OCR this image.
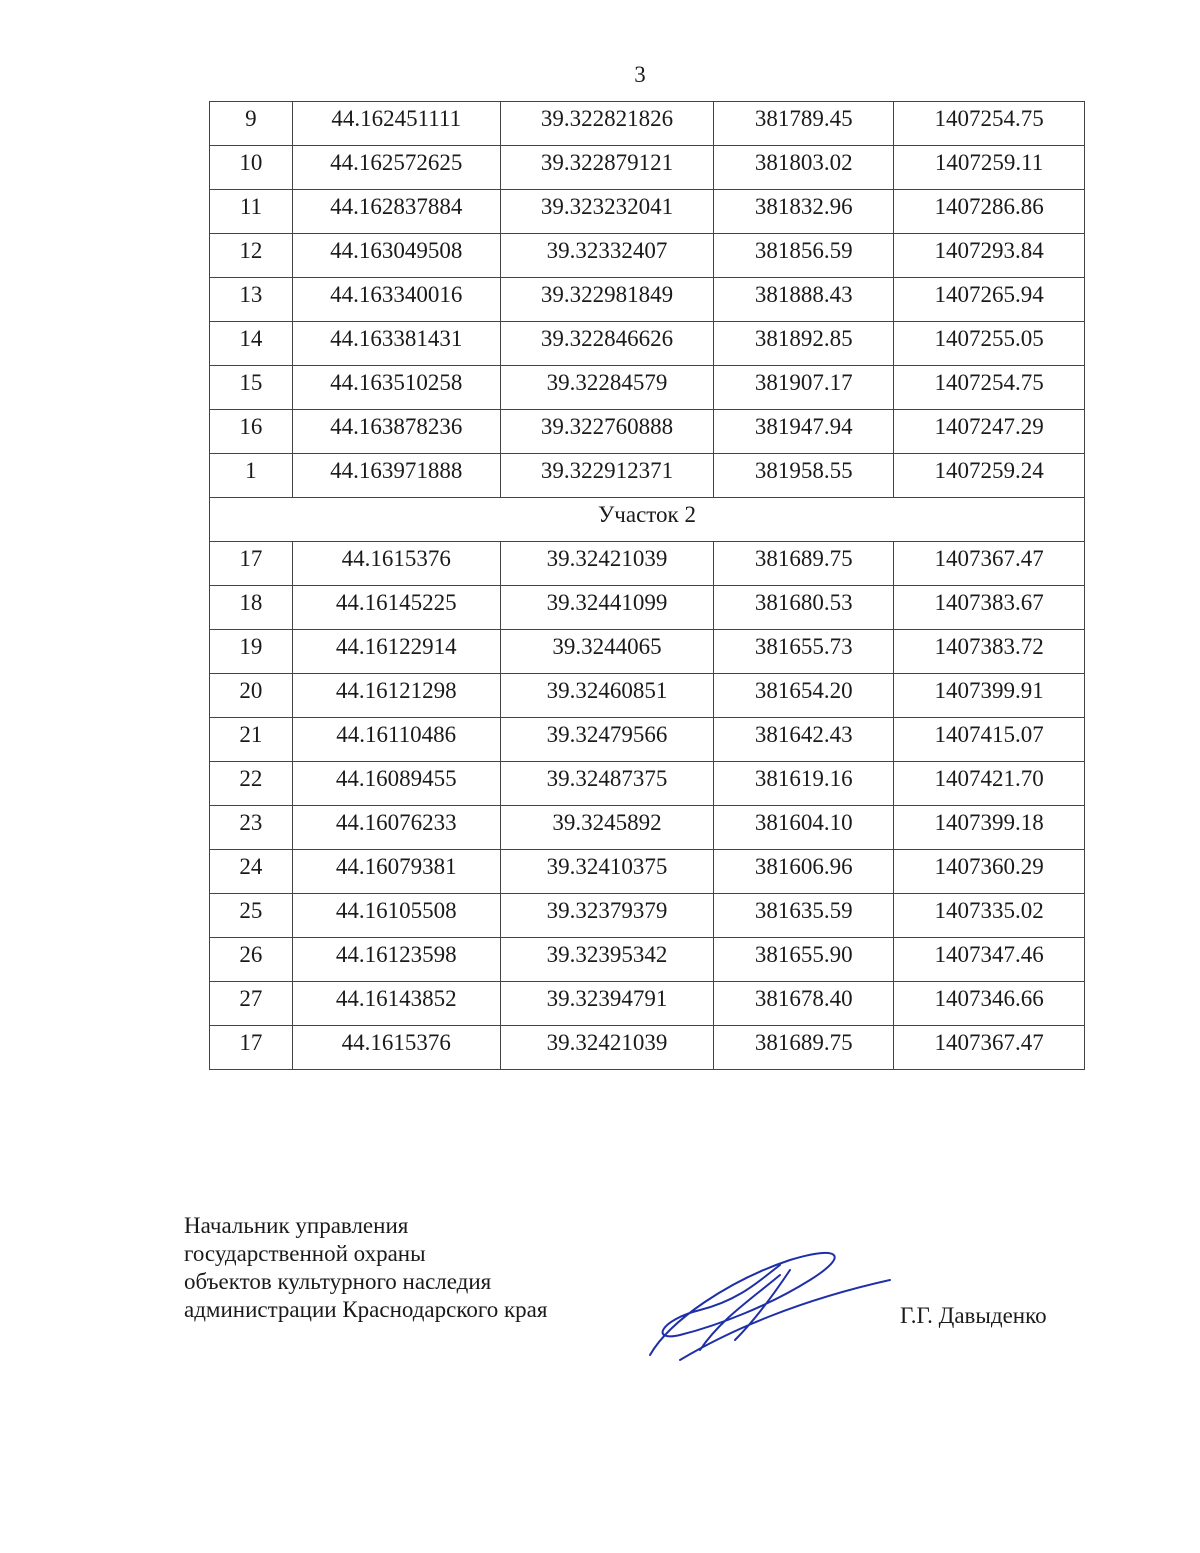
3
9	44.162451111	39.322821826	381789.45	1407254.75
10	44.162572625	39.322879121	381803.02	1407259.11
11	44.162837884	39.323232041	381832.96	1407286.86
12	44.163049508	39.32332407	381856.59	1407293.84
13	44.163340016	39.322981849	381888.43	1407265.94
14	44.163381431	39.322846626	381892.85	1407255.05
15	44.163510258	39.32284579	381907.17	1407254.75
16	44.163878236	39.322760888	381947.94	1407247.29
1	44.163971888	39.322912371	381958.55	1407259.24
Участок 2				
17	44.1615376	39.32421039	381689.75	1407367.47
18	44.16145225	39.32441099	381680.53	1407383.67
19	44.16122914	39.3244065	381655.73	1407383.72
20	44.16121298	39.32460851	381654.20	1407399.91
21	44.16110486	39.32479566	381642.43	1407415.07
22	44.16089455	39.32487375	381619.16	1407421.70
23	44.16076233	39.3245892	381604.10	1407399.18
24	44.16079381	39.32410375	381606.96	1407360.29
25	44.16105508	39.32379379	381635.59	1407335.02
26	44.16123598	39.32395342	381655.90	1407347.46
27	44.16143852	39.32394791	381678.40	1407346.66
17	44.1615376	39.32421039	381689.75	1407367.47
Начальник управления
государственной охраны
объектов культурного наследия
администрации Краснодарского края	Г.Г. Давыденко
